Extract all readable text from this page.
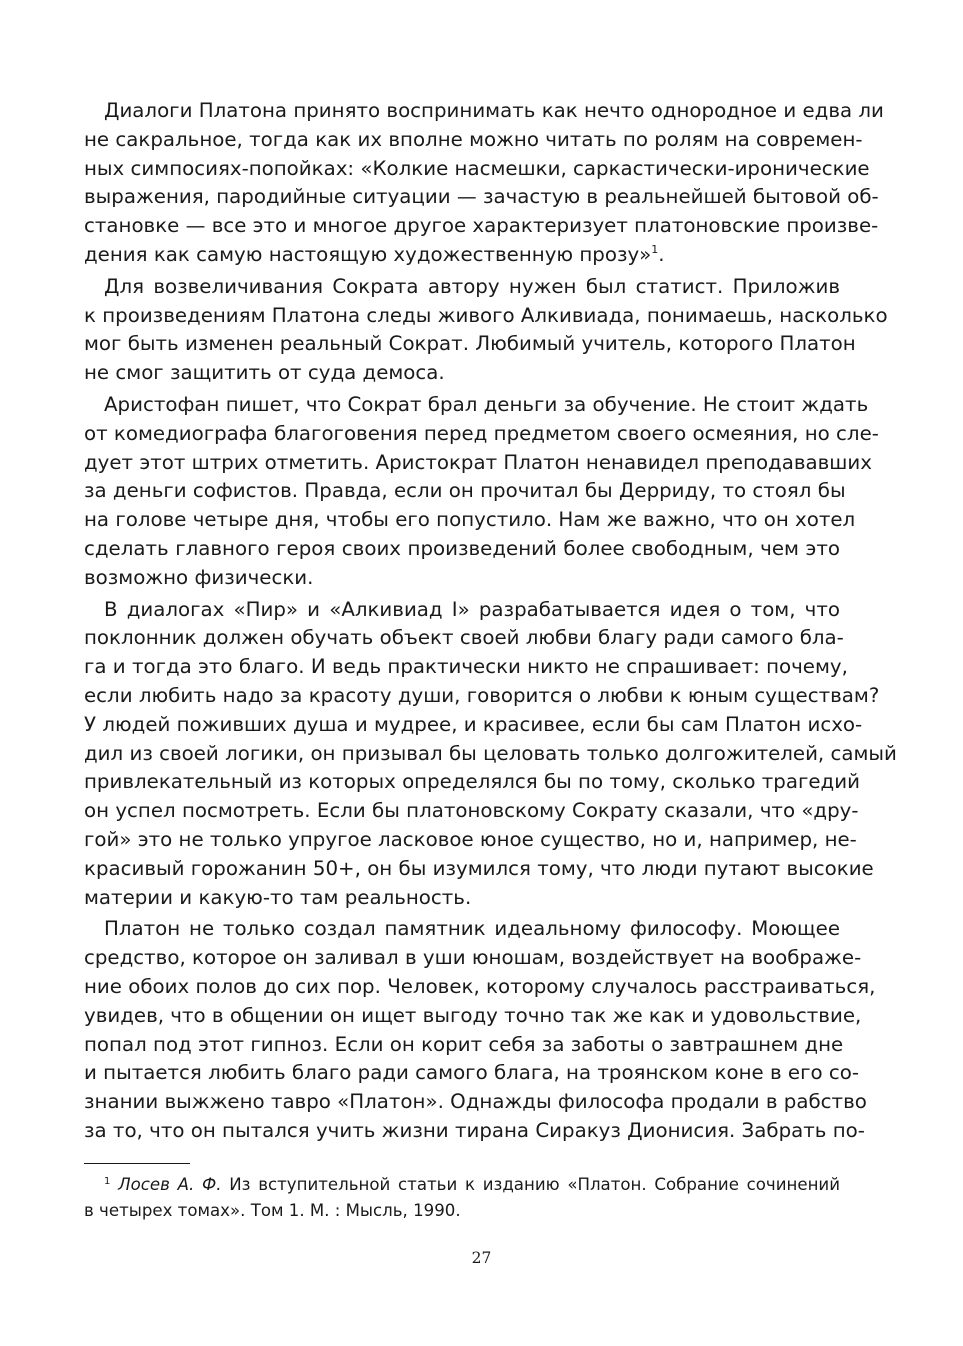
Диалоги Платона принято воспринимать как нечто однородное и едва ли
не сакральное, тогда как их вполне можно читать по ролям на современ-
ных симпосиях-попойках: «Колкие насмешки, саркастически-иронические
выражения, пародийные ситуации — зачастую в реальнейшей бытовой об-
становке — все это и многое другое характеризует платоновские произве-
дения как самую настоящую художественную прозу»$^1$.

Для возвеличивания Сократа автору нужен был статист. Приложив
к произведениям Платона следы живого Алкивиада, понимаешь, насколько
мог быть изменен реальный Сократ. Любимый учитель, которого Платон
не смог защитить от суда демоса.

Аристофан пишет, что Сократ брал деньги за обучение. Не стоит ждать
от комедиографа благоговения перед предметом своего осмеяния, но сле-
дует этот штрих отметить. Аристократ Платон ненавидел преподававших
за деньги софистов. Правда, если он прочитал бы Дерриду, то стоял бы
на голове четыре дня, чтобы его попустило. Нам же важно, что он хотел
сделать главного героя своих произведений более свободным, чем это
возможно физически.

В диалогах «Пир» и «Алкивиад I» разрабатывается идея о том, что
поклонник должен обучать объект своей любви благу ради самого бла-
га и тогда это благо. И ведь практически никто не спрашивает: почему,
если любить надо за красоту души, говорится о любви к юным существам?
У людей поживших душа и мудрее, и красивее, если бы сам Платон исхо-
дил из своей логики, он призывал бы целовать только долгожителей, самый
привлекательный из которых определялся бы по тому, сколько трагедий
он успел посмотреть. Если бы платоновскому Сократу сказали, что «дру-
гой» это не только упругое ласковое юное существо, но и, например, не-
красивый горожанин 50+, он бы изумился тому, что люди путают высокие
материи и какую-то там реальность.

Платон не только создал памятник идеальному философу. Моющее
средство, которое он заливал в уши юношам, воздействует на воображе-
ние обоих полов до сих пор. Человек, которому случалось расстраиваться,
увидев, что в общении он ищет выгоду точно так же как и удовольствие,
попал под этот гипноз. Если он корит себя за заботы о завтрашнем дне
и пытается любить благо ради самого блага, на троянском коне в его со-
знании выжжено тавро «Платон». Однажды философа продали в рабство
за то, что он пытался учить жизни тирана Сиракуз Дионисия. Забрать по-

$^1$ Лосев А. Ф. Из вступительной статьи к изданию «Платон. Собрание сочинений
в четырех томах». Том 1. М. : Мысль, 1990.
27
